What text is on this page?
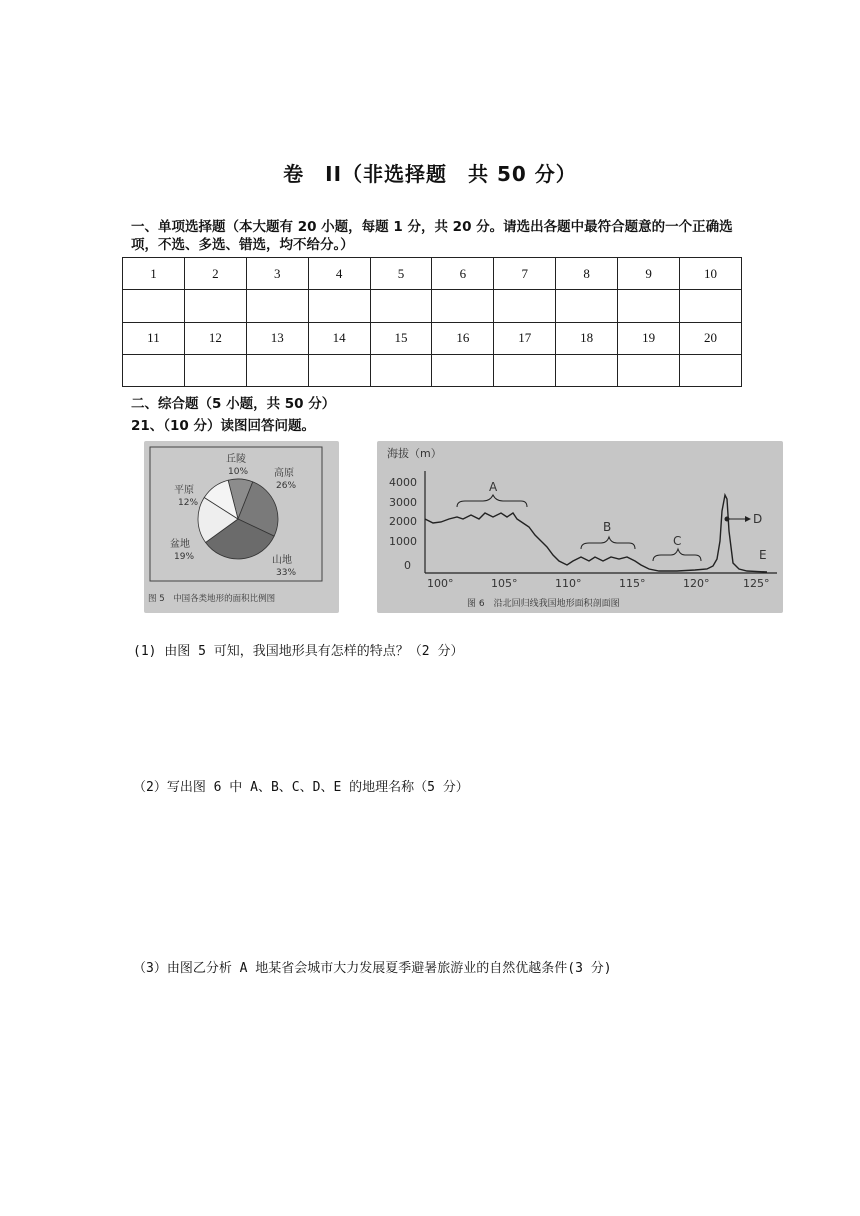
卷　II（非选择题　共 50 分）
一、单项选择题（本大题有 20 小题，每题 1 分，共 20 分。请选出各题中最符合题意的一个正确选项，不选、多选、错选，均不给分。）
1	2	3	4	5	6	7	8	9	10

11	12	13	14	15	16	17	18	19	20

二、综合题（5 小题，共 50 分）
21、（10 分）读图回答问题。
丘陵
10%	高原
26%
山地
33%
盆地
19%
平原
12%
图 5　中国各类地形的面积比例图
海拔（m）
4000
3000
2000
1000
0
A
B
C
D
E
100°	105°	110°	115°	120°	125°
图 6　沿北回归线我国地形面积剖面图
(1) 由图 5 可知，我国地形具有怎样的特点？（2 分）
（2）写出图 6 中 A、B、C、D、E 的地理名称（5 分）
（3）由图乙分析 A 地某省会城市大力发展夏季避暑旅游业的自然优越条件(3 分)
